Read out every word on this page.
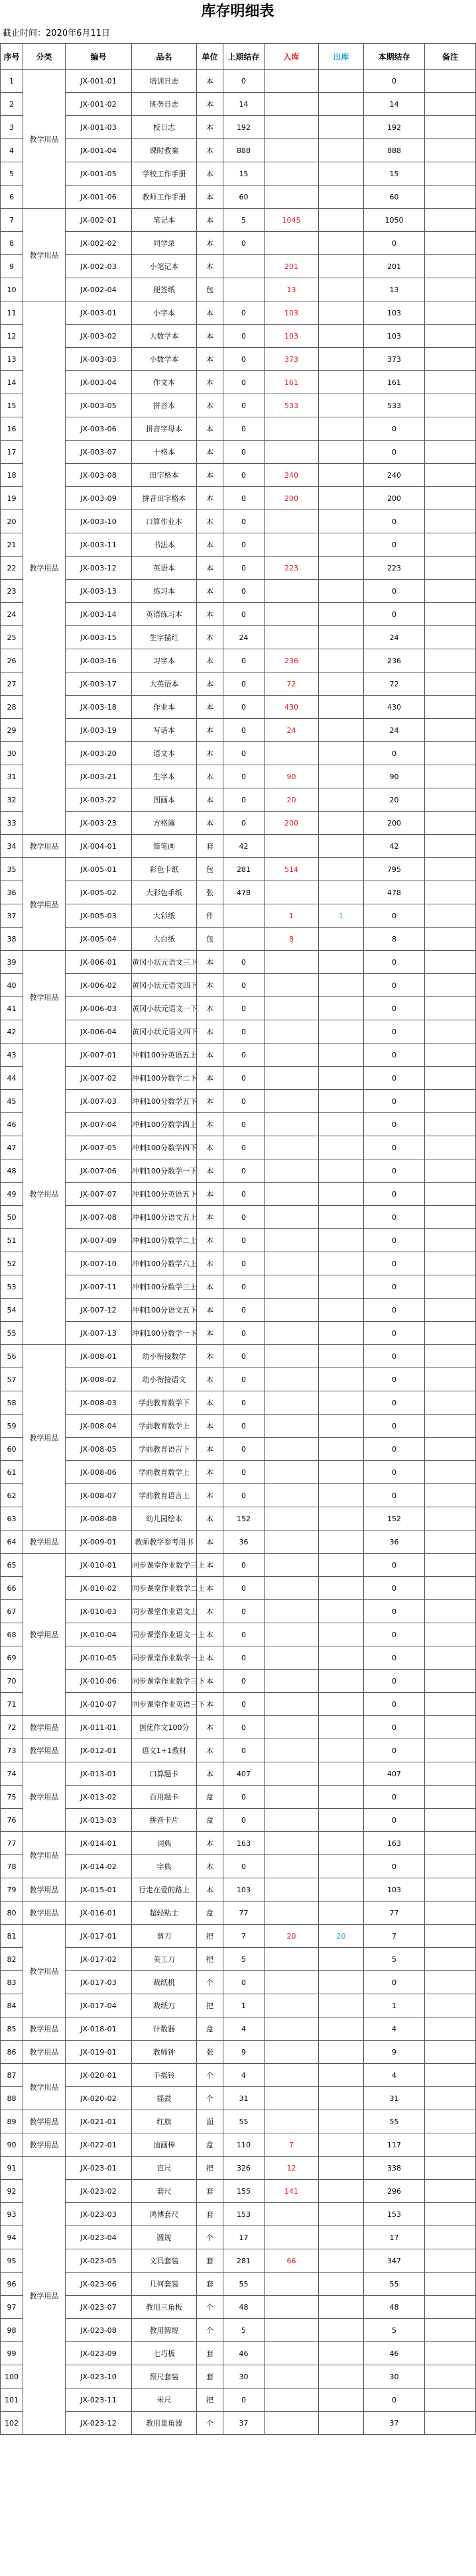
库存明细表
截止时间：2020年6月11日
序号	分类	编号	品名	单位	上期结存	入库	出库	本期结存	备注
1	教学用品	JX-001-01	培训日志	本	0			0	
2		JX-001-02	班务日志	本	14			14	
3		JX-001-03	校日志	本	192			192	
4		JX-001-04	课时教案	本	888			888	
5		JX-001-05	学校工作手册	本	15			15	
6		JX-001-06	教师工作手册	本	60			60	
7	教学用品	JX-002-01	笔记本	本	5	1045		1050	
8		JX-002-02	同学录	本	0			0	
9		JX-002-03	小笔记本	本		201		201	
10		JX-002-04	便签纸	包		13		13	
11	教学用品	JX-003-01	小字本	本	0	103		103	
12		JX-003-02	大数学本	本	0	103		103	
13		JX-003-03	小数学本	本	0	373		373	
14		JX-003-04	作文本	本	0	161		161	
15		JX-003-05	拼音本	本	0	533		533	
16		JX-003-06	拼音字母本	本	0			0	
17		JX-003-07	十格本	本	0			0	
18		JX-003-08	田字格本	本	0	240		240	
19		JX-003-09	拼音田字格本	本	0	200		200	
20		JX-003-10	口算作业本	本	0			0	
21		JX-003-11	书法本	本	0			0	
22		JX-003-12	英语本	本	0	223		223	
23		JX-003-13	练习本	本	0			0	
24		JX-003-14	英语练习本	本	0			0	
25		JX-003-15	生字描红	本	24			24	
26		JX-003-16	习字本	本	0	236		236	
27		JX-003-17	大英语本	本	0	72		72	
28		JX-003-18	作业本	本	0	430		430	
29		JX-003-19	写话本	本	0	24		24	
30		JX-003-20	语文本	本	0			0	
31		JX-003-21	生字本	本	0	90		90	
32		JX-003-22	图画本	本	0	20		20	
33		JX-003-23	方格簿	本	0	200		200	
34	教学用品	JX-004-01	简笔画	套	42			42	
35	教学用品	JX-005-01	彩色卡纸	包	281	514		795	
36		JX-005-02	大彩色手纸	张	478			478	
37		JX-005-03	大彩纸	件		1	1	0	
38		JX-005-04	大白纸	包		8		8	
39	教学用品	JX-006-01	黄冈小状元语文三下	本	0			0	
40		JX-006-02	黄冈小状元语文四下	本	0			0	
41		JX-006-03	黄冈小状元语文一下	本	0			0	
42		JX-006-04	黄冈小状元语文四下	本	0			0	
43	教学用品	JX-007-01	冲刺100分英语五上	本	0			0	
44		JX-007-02	冲刺100分数学二下	本	0			0	
45		JX-007-03	冲刺100分数学五下	本	0			0	
46		JX-007-04	冲刺100分数学四上	本	0			0	
47		JX-007-05	冲刺100分数学四下	本	0			0	
48		JX-007-06	冲刺100分数学一下	本	0			0	
49		JX-007-07	冲刺100分英语五下	本	0			0	
50		JX-007-08	冲刺100分语文五上	本	0			0	
51		JX-007-09	冲刺100分数学二上	本	0			0	
52		JX-007-10	冲刺100分数学六上	本	0			0	
53		JX-007-11	冲刺100分数学三上	本	0			0	
54		JX-007-12	冲刺100分语文五下	本	0			0	
55		JX-007-13	冲刺100分数学一下	本	0			0	
56	教学用品	JX-008-01	幼小衔接数学	本	0			0	
57		JX-008-02	幼小衔接语文	本	0			0	
58		JX-008-03	学前教育数学下	本	0			0	
59		JX-008-04	学前教育数学上	本	0			0	
60		JX-008-05	学前教育语言下	本	0			0	
61		JX-008-06	学前教育数学上	本	0			0	
62		JX-008-07	学前教育语言上	本	0			0	
63		JX-008-08	幼儿园绘本	本	152			152	
64	教学用品	JX-009-01	教师教学参考用书	本	36			36	
65	教学用品	JX-010-01	同步课堂作业数学三上	本	0			0	
66		JX-010-02	同步课堂作业数学二上	本	0			0	
67		JX-010-03	同步课堂作业语文上	本	0			0	
68		JX-010-04	同步课堂作业语文一上	本	0			0	
69		JX-010-05	同步课堂作业数学一上	本	0			0	
70		JX-010-06	同步课堂作业数学三下	本	0			0	
71		JX-010-07	同步课堂作业英语三下	本	0			0	
72	教学用品	JX-011-01	创优作文100分	本	0			0	
73	教学用品	JX-012-01	语文1+1教材	本	0			0	
74	教学用品	JX-013-01	口算题卡	本	407			407	
75		JX-013-02	百用题卡	盒	0			0	
76		JX-013-03	拼音卡片	盒	0			0	
77	教学用品	JX-014-01	词典	本	163			163	
78		JX-014-02	字典	本	0			0	
79	教学用品	JX-015-01	行走在爱的路上	本	103			103	
80	教学用品	JX-016-01	超轻粘土	盒	77			77	
81	教学用品	JX-017-01	剪刀	把	7	20	20	7	
82		JX-017-02	美工刀	把	5			5	
83		JX-017-03	裁纸机	个	0			0	
84		JX-017-04	裁纸刀	把	1			1	
85	教学用品	JX-018-01	计数器	盒	4			4	
86	教学用品	JX-019-01	教师钟	张	9			9	
87	教学用品	JX-020-01	手摇铃	个	4			4	
88		JX-020-02	摇鼓	个	31			31	
89	教学用品	JX-021-01	红旗	面	55			55	
90	教学用品	JX-022-01	油画棒	盒	110	7		117	
91	教学用品	JX-023-01	直尺	把	326	12		338	
92		JX-023-02	套尺	套	155	141		296	
93		JX-023-03	鸿博套尺	套	153			153	
94		JX-023-04	圆规	个	17			17	
95		JX-023-05	文具套装	套	281	66		347	
96		JX-023-06	几何套装	套	55			55	
97		JX-023-07	教用三角板	个	48			48	
98		JX-023-08	教用圆规	个	5			5	
99		JX-023-09	七巧板	套	46			46	
100		JX-023-10	预尺套装	套	30			30	
101		JX-023-11	米尺	把	0			0	
102		JX-023-12	教用量角器	个	37			37	
